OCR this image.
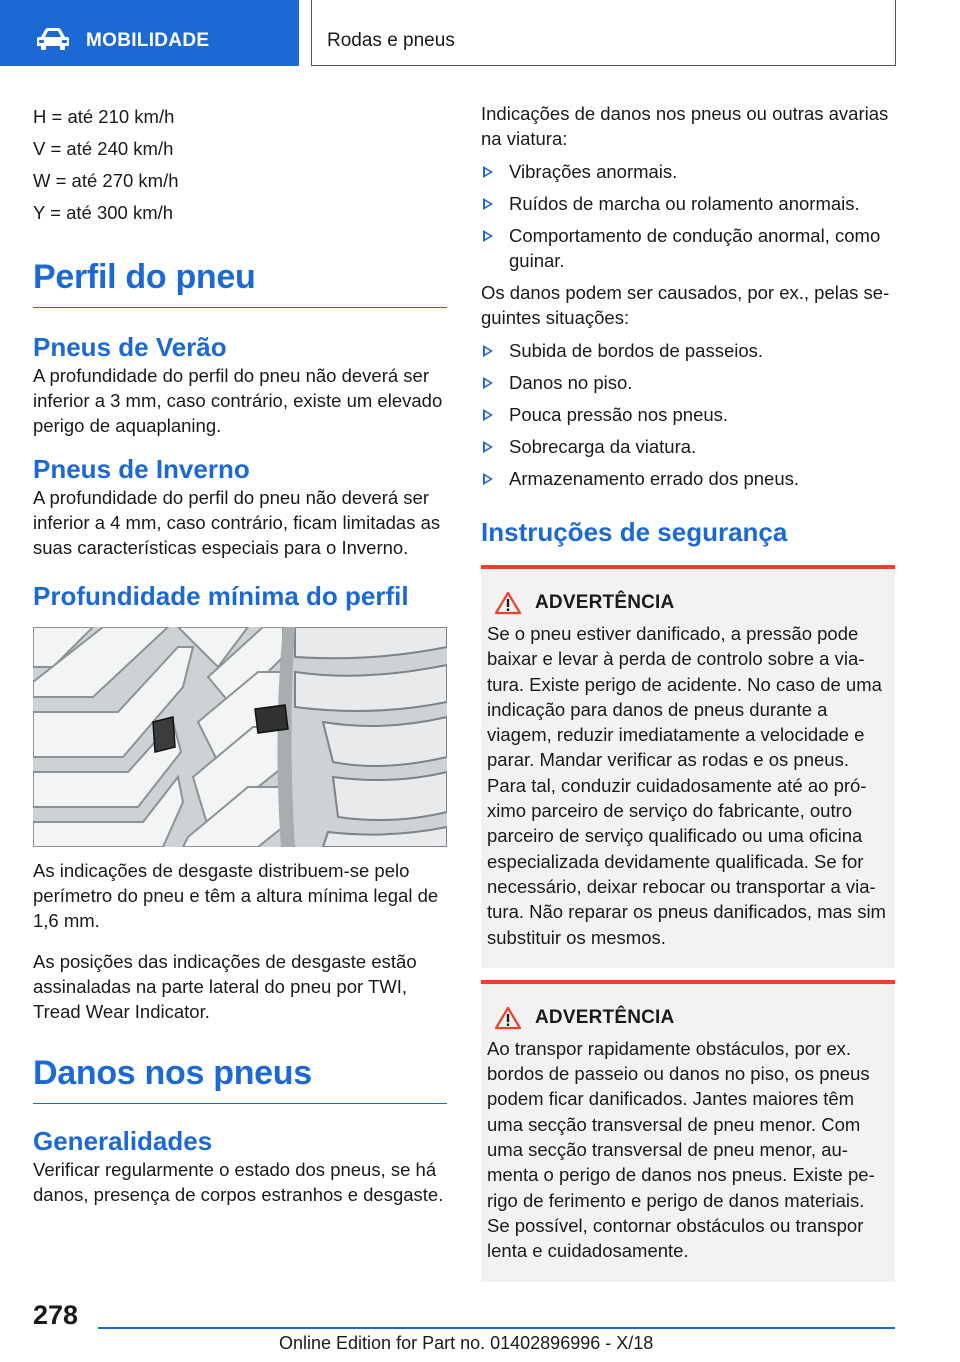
MOBILIDADE	Rodas e pneus

H = até 210 km/h

V = até 240 km/h

W = até 270 km/h

Y = até 300 km/h

Perfil do pneu
Pneus de Verão

A profundidade do perfil do pneu não deverá ser inferior a 3 mm, caso contrário, existe um elevado perigo de aquaplaning.

Pneus de Inverno

A profundidade do perfil do pneu não deverá ser inferior a 4 mm, caso contrário, ficam limitadas as suas características especiais para o Inverno.

Profundidade mínima do perfil

As indicações de desgaste distribuem-se pelo perímetro do pneu e têm a altura mínima legal de 1,6 mm.

As posições das indicações de desgaste estão assinaladas na parte lateral do pneu por TWI, Tread Wear Indicator.

Danos nos pneus
Generalidades

Verificar regularmente o estado dos pneus, se há danos, presença de corpos estranhos e desgaste.

Indicações de danos nos pneus ou outras avarias na viatura:

Vibrações anormais.
Ruídos de marcha ou rolamento anormais.
Comportamento de condução anormal, como guinar.

Os danos podem ser causados, por ex., pelas seguintes situações:

Subida de bordos de passeios.
Danos no piso.
Pouca pressão nos pneus.
Sobrecarga da viatura.
Armazenamento errado dos pneus.
Instruções de segurança
ADVERTÊNCIA

Se o pneu estiver danificado, a pressão pode baixar e levar à perda de controlo sobre a viatura. Existe perigo de acidente. No caso de uma indicação para danos de pneus durante a viagem, reduzir imediatamente a velocidade e parar. Mandar verificar as rodas e os pneus. Para tal, conduzir cuidadosamente até ao próximo parceiro de serviço do fabricante, outro parceiro de serviço qualificado ou uma oficina especializada devidamente qualificada. Se for necessário, deixar rebocar ou transportar a viatura. Não reparar os pneus danificados, mas sim substituir os mesmos.

ADVERTÊNCIA

Ao transpor rapidamente obstáculos, por ex. bordos de passeio ou danos no piso, os pneus podem ficar danificados. Jantes maiores têm uma secção transversal de pneu menor. Com uma secção transversal de pneu menor, aumenta o perigo de danos nos pneus. Existe perigo de ferimento e perigo de danos materiais. Se possível, contornar obstáculos ou transpor lenta e cuidadosamente.

278
Online Edition for Part no. 01402896996 - X/18
